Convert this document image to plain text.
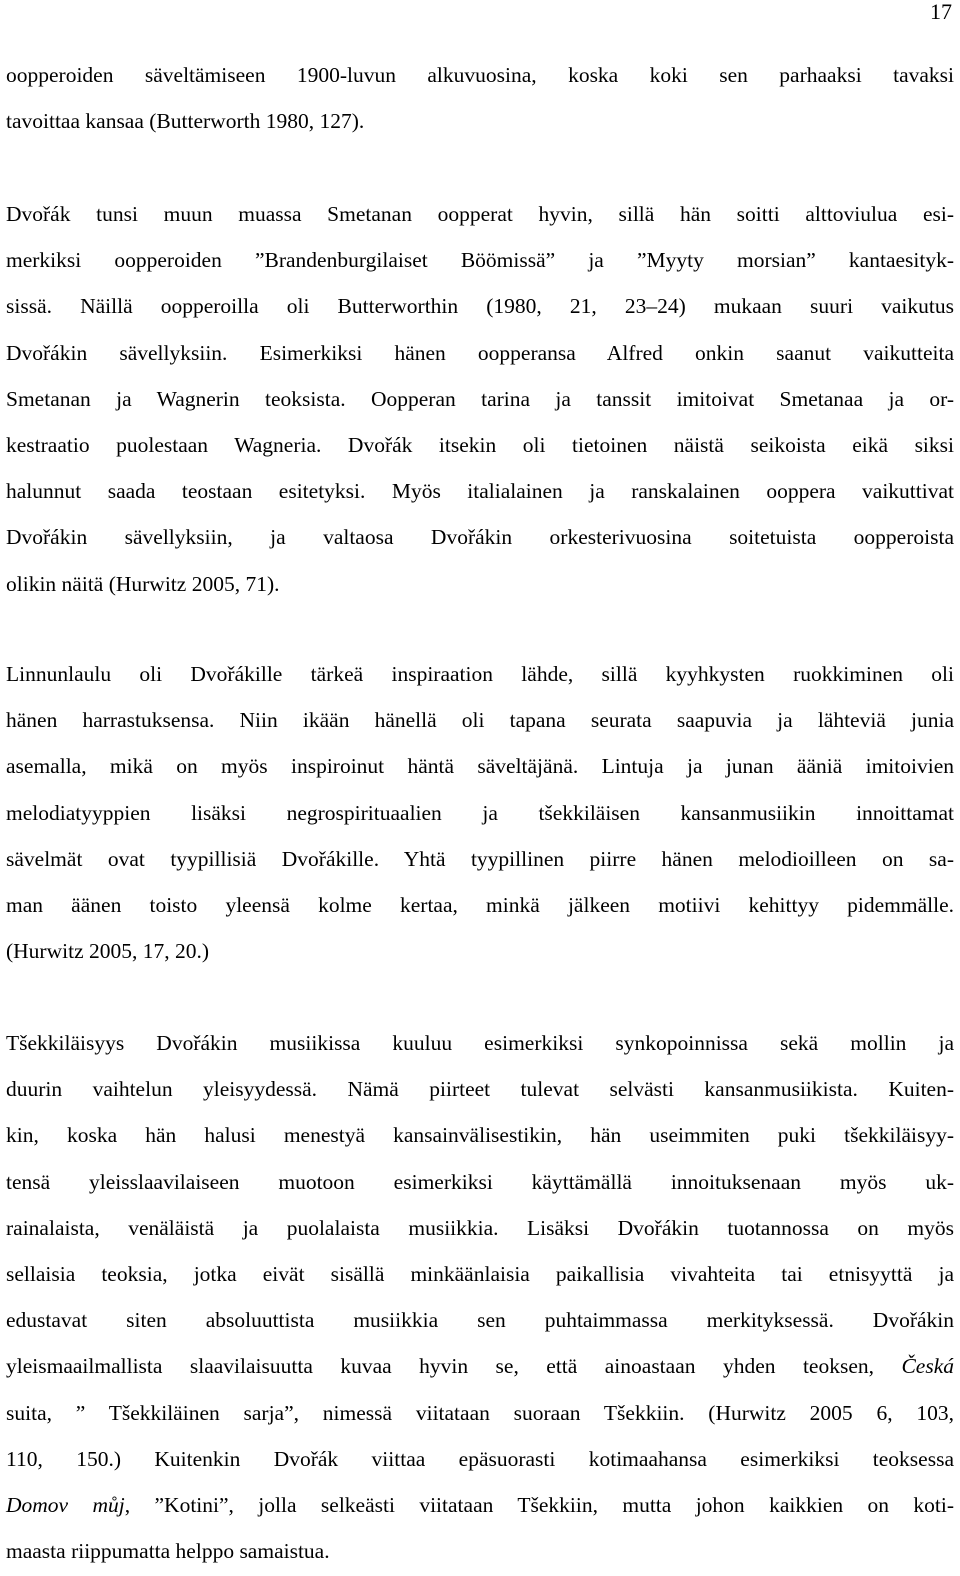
17
oopperoiden säveltämiseen 1900-luvun alkuvuosina, koska koki sen parhaaksi tavaksi
tavoittaa kansaa (Butterworth 1980, 127).
Dvořák tunsi muun muassa Smetanan oopperat hyvin, sillä hän soitti alttoviulua esi-
merkiksi oopperoiden ”Brandenburgilaiset Böömissä” ja ”Myyty morsian” kantaesityk-
sissä. Näillä oopperoilla oli Butterworthin (1980, 21, 23–24) mukaan suuri vaikutus
Dvořákin sävellyksiin. Esimerkiksi hänen oopperansa Alfred onkin saanut vaikutteita
Smetanan ja Wagnerin teoksista. Oopperan tarina ja tanssit imitoivat Smetanaa ja or-
kestraatio puolestaan Wagneria. Dvořák itsekin oli tietoinen näistä seikoista eikä siksi
halunnut saada teostaan esitetyksi. Myös italialainen ja ranskalainen ooppera vaikuttivat
Dvořákin sävellyksiin, ja valtaosa Dvořákin orkesterivuosina soitetuista oopperoista
olikin näitä (Hurwitz 2005, 71).
Linnunlaulu oli Dvořákille tärkeä inspiraation lähde, sillä kyyhkysten ruokkiminen oli
hänen harrastuksensa. Niin ikään hänellä oli tapana seurata saapuvia ja lähteviä junia
asemalla, mikä on myös inspiroinut häntä säveltäjänä. Lintuja ja junan ääniä imitoivien
melodiatyyppien lisäksi negrospirituaalien ja tšekkiläisen kansanmusiikin innoittamat
sävelmät ovat tyypillisiä Dvořákille. Yhtä tyypillinen piirre hänen melodioilleen on sa-
man äänen toisto yleensä kolme kertaa, minkä jälkeen motiivi kehittyy pidemmälle.
(Hurwitz 2005, 17, 20.)
Tšekkiläisyys Dvořákin musiikissa kuuluu esimerkiksi synkopoinnissa sekä mollin ja
duurin vaihtelun yleisyydessä. Nämä piirteet tulevat selvästi kansanmusiikista. Kuiten-
kin, koska hän halusi menestyä kansainvälisestikin, hän useimmiten puki tšekkiläisyy-
tensä yleisslaavilaiseen muotoon esimerkiksi käyttämällä innoituksenaan myös uk-
rainalaista, venäläistä ja puolalaista musiikkia. Lisäksi Dvořákin tuotannossa on myös
sellaisia teoksia, jotka eivät sisällä minkäänlaisia paikallisia vivahteita tai etnisyyttä ja
edustavat siten absoluuttista musiikkia sen puhtaimmassa merkityksessä. Dvořákin
yleismaailmallista slaavilaisuutta kuvaa hyvin se, että ainoastaan yhden teoksen, Česká
suita, ” Tšekkiläinen sarja”, nimessä viitataan suoraan Tšekkiin. (Hurwitz 2005 6, 103,
110, 150.) Kuitenkin Dvořák viittaa epäsuorasti kotimaahansa esimerkiksi teoksessa
Domov můj, ”Kotini”, jolla selkeästi viitataan Tšekkiin, mutta johon kaikkien on koti-
maasta riippumatta helppo samaistua.
